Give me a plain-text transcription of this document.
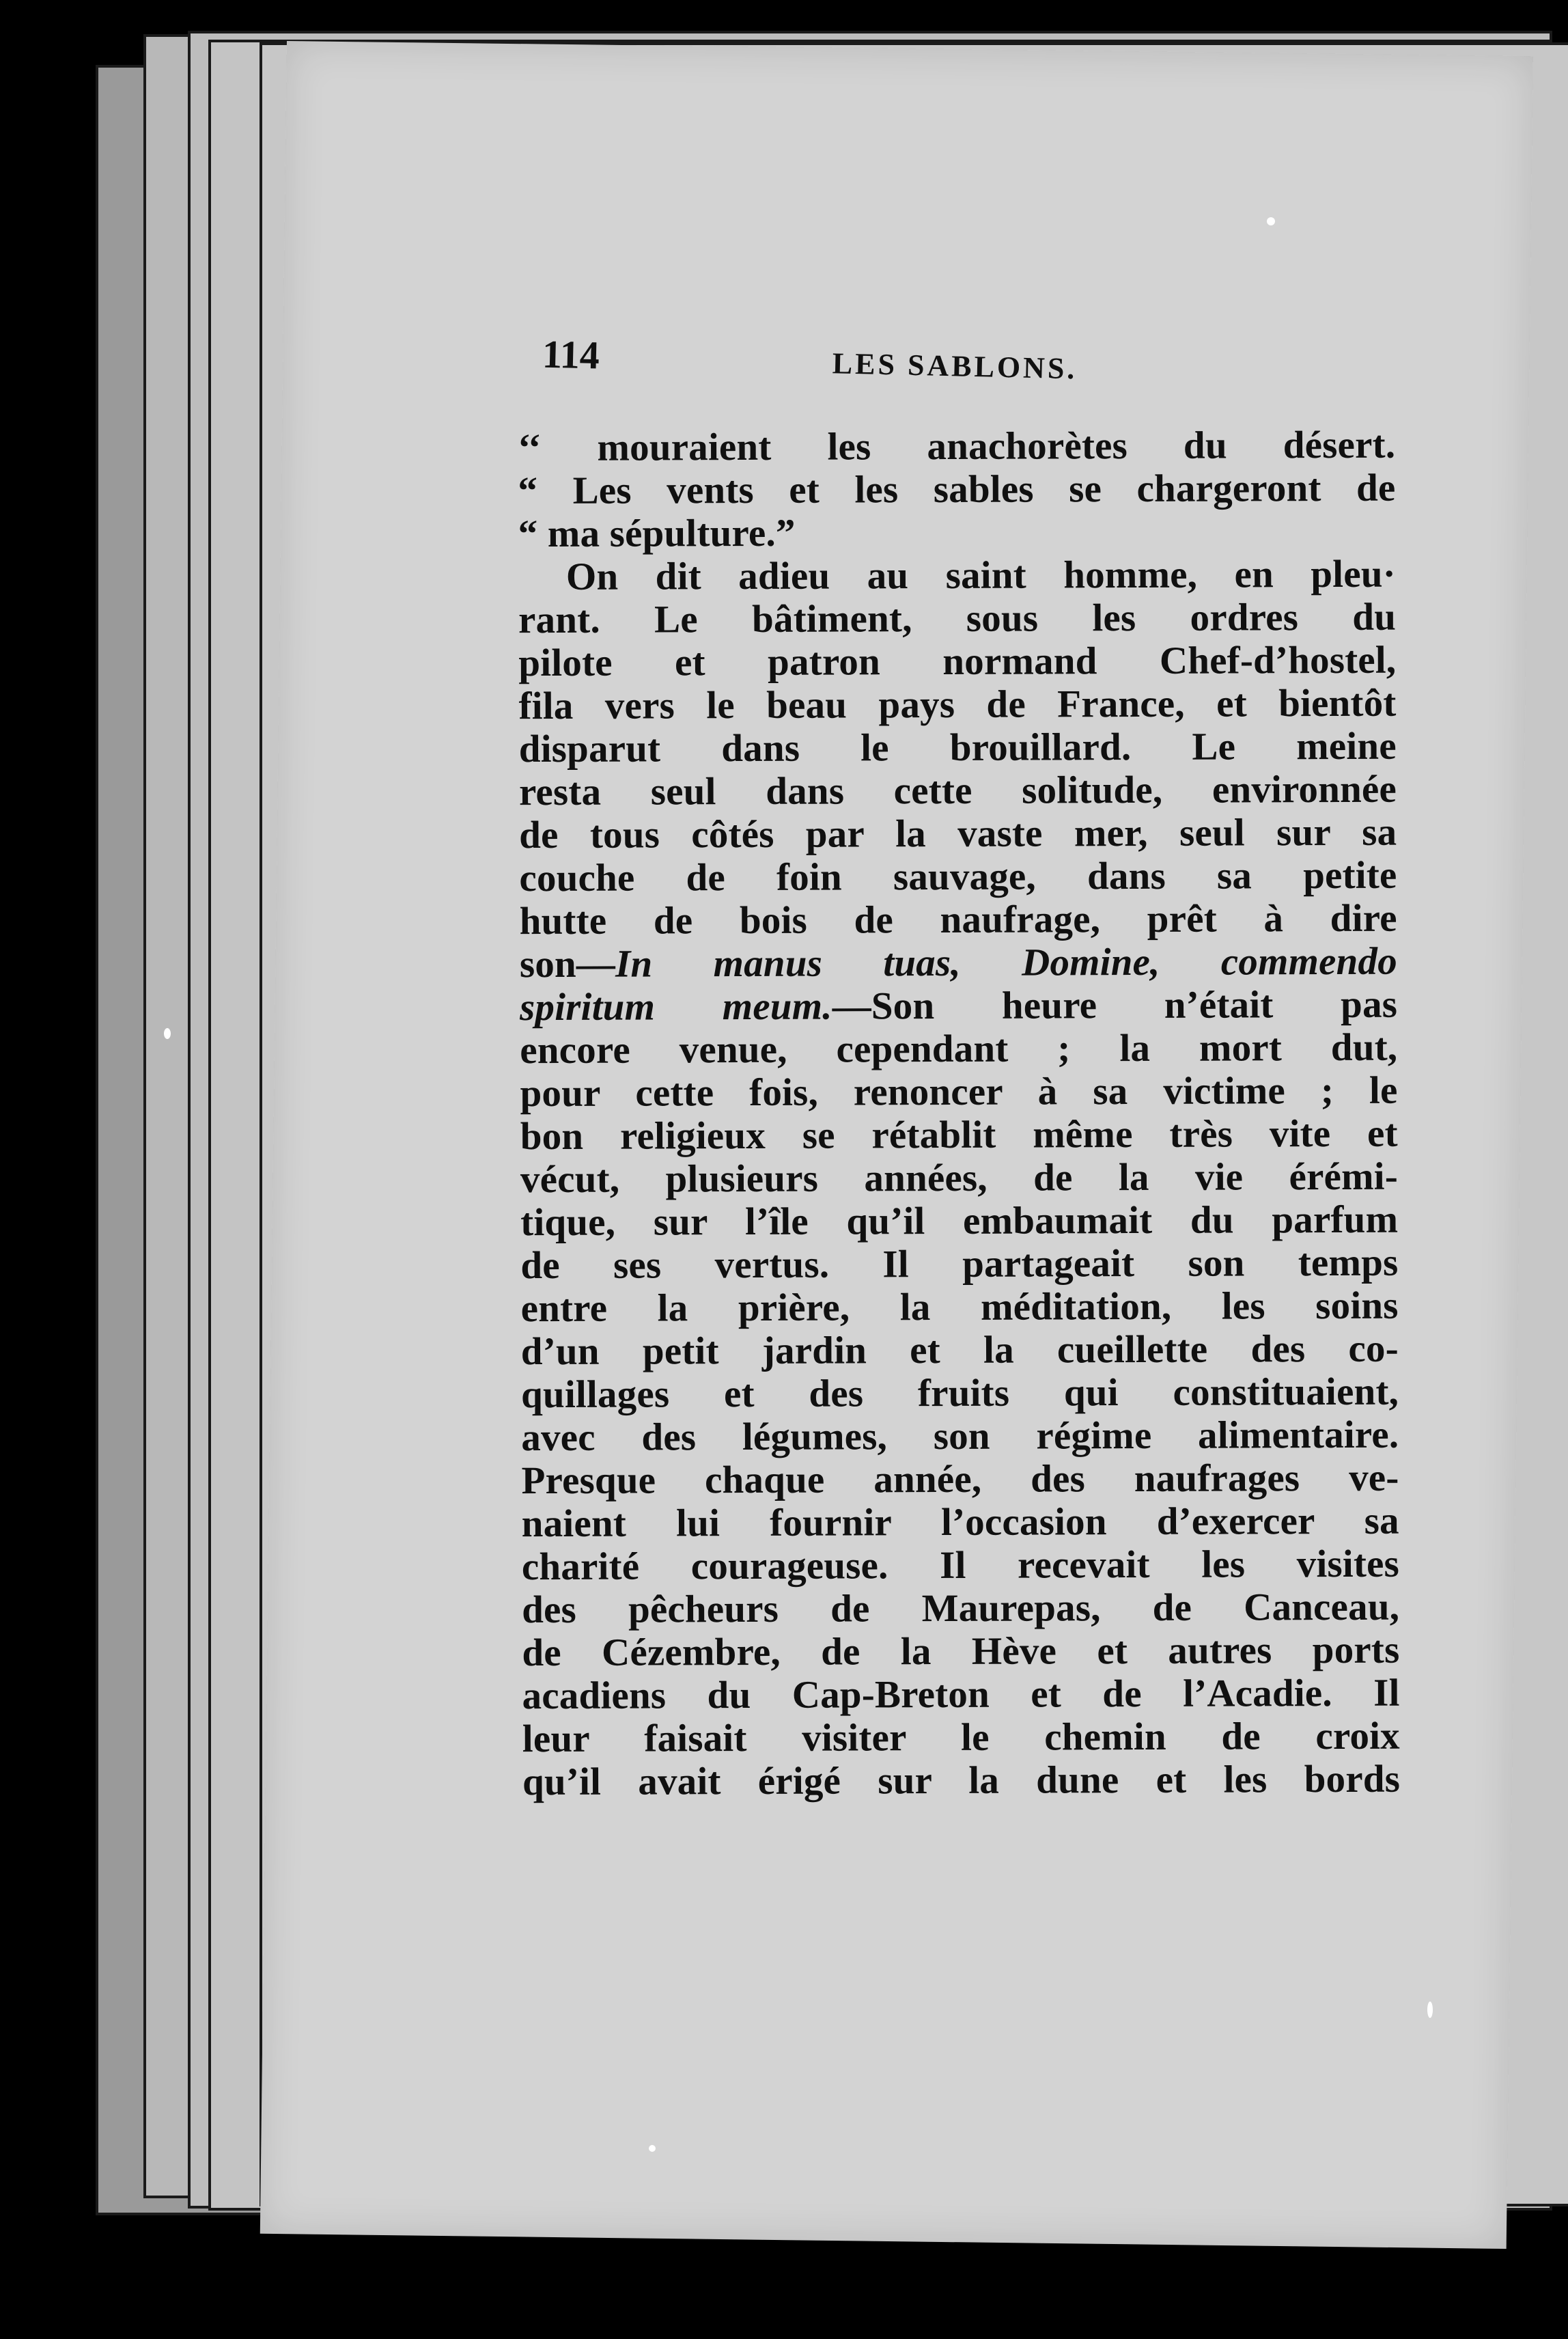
114	LES SABLONS.
‘‘ mouraient les anachorètes du désert.
“ Les vents et les sables se chargeront de
“ ma sépulture.”
On dit adieu au saint homme, en pleu·
rant. Le bâtiment, sous les ordres du
pilote et patron normand Chef-d’hostel,
fila vers le beau pays de France, et bientôt
disparut dans le brouillard. Le meine
resta seul dans cette solitude, environnée
de tous côtés par la vaste mer, seul sur sa
couche de foin sauvage, dans sa petite
hutte de bois de naufrage, prêt à dire
son—In manus tuas, Domine, commendo
spiritum meum.—Son heure n’était pas
encore venue, cependant ; la mort dut,
pour cette fois, renoncer à sa victime ; le
bon religieux se rétablit même très vite et
vécut, plusieurs années, de la vie érémi-
tique, sur l’île qu’il embaumait du parfum
de ses vertus. Il partageait son temps
entre la prière, la méditation, les soins
d’un petit jardin et la cueillette des co-
quillages et des fruits qui constituaient,
avec des légumes, son régime alimentaire.
Presque chaque année, des naufrages ve-
naient lui fournir l’occasion d’exercer sa
charité courageuse. Il recevait les visites
des pêcheurs de Maurepas, de Canceau,
de Cézembre, de la Hève et autres ports
acadiens du Cap-Breton et de l’Acadie. Il
leur faisait visiter le chemin de croix
qu’il avait érigé sur la dune et les bords
